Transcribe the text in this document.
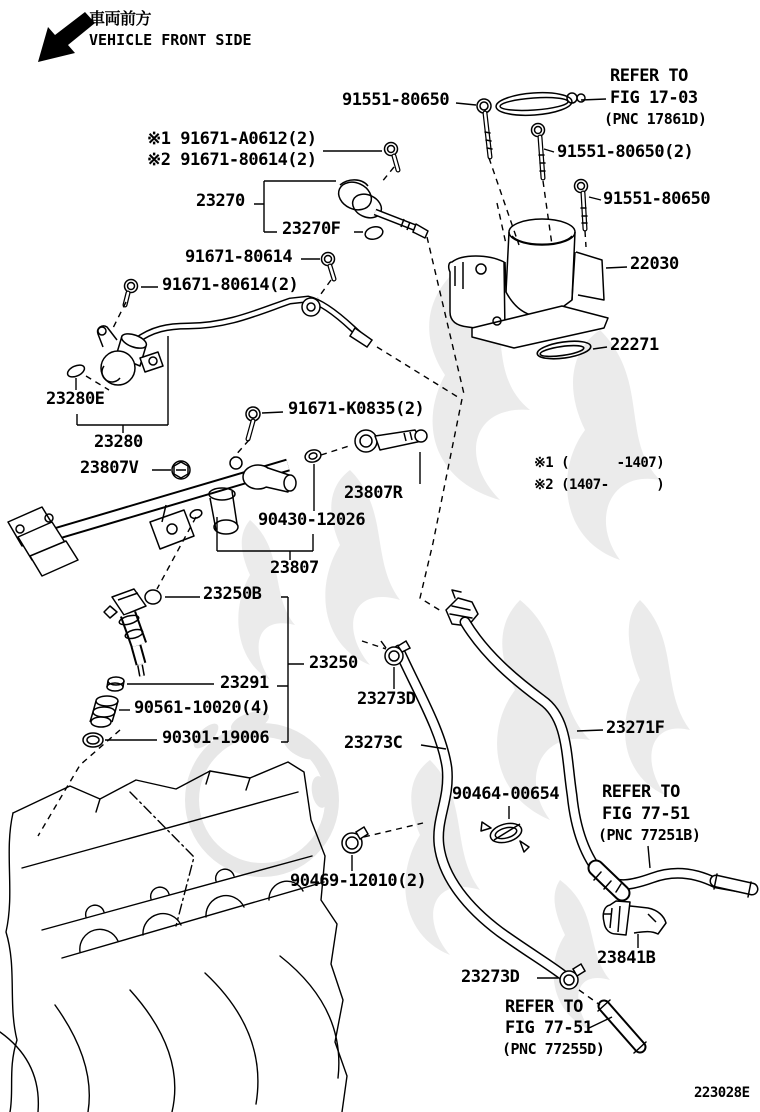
車両前方
VEHICLE FRONT SIDE
91551-80650
REFER TO
FIG 17-03
(PNC 17861D)
※1 91671-A0612(2)
※2 91671-80614(2)	91551-80650(2)
91551-80650
23270
23270F
91671-80614
91671-80614(2)
22030
22271
23280E
23280
23807V
91671-K0835(2)
23807R
90430-12026
23807
※1 (      -1407)
※2 (1407-      )
23250B
23250
23291
90561-10020(4)
90301-19006
23273D
23273C
23271F
90464-00654	REFER TO
FIG 77-51
(PNC 77251B)
90469-12010(2)
23841B
23273D
REFER TO
FIG 77-51
(PNC 77255D)
223028E
